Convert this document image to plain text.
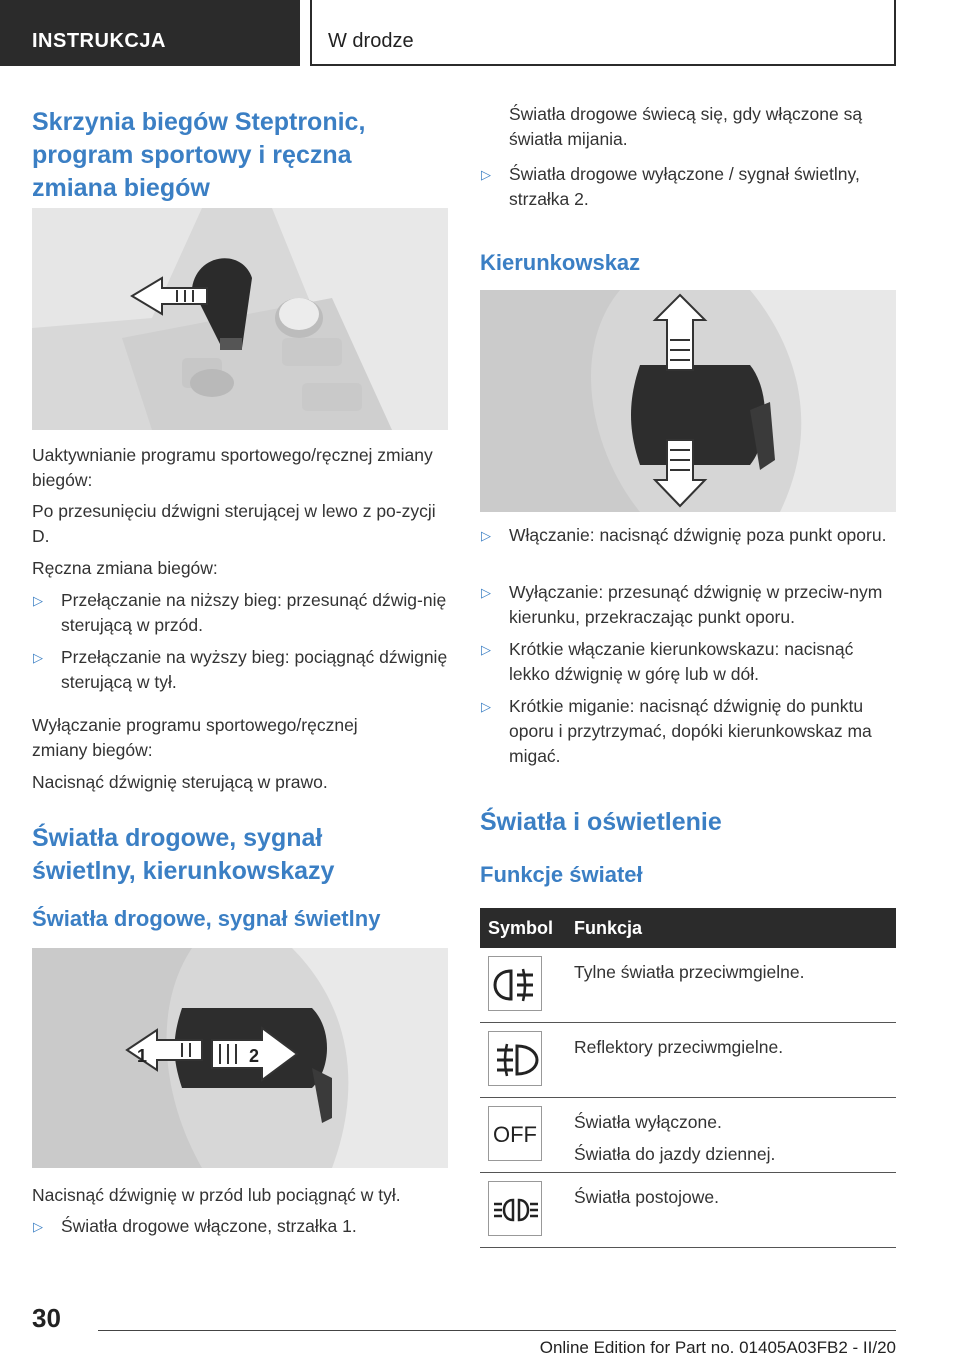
INSTRUKCJA	W drodze
Skrzynia biegów Steptronic, program sportowy i ręczna zmiana biegów

Uaktywnianie programu sportowego/ręcznej zmiany biegów:

Po przesunięciu dźwigni sterującej w lewo z po-zycji D.

Ręczna zmiana biegów:

▷ Przełączanie na niższy bieg: przesunąć dźwig-nię sterującą w przód.
▷ Przełączanie na wyższy bieg: pociągnąć dźwignię sterującą w tył.

Wyłączanie programu sportowego/ręcznej zmiany biegów:

Nacisnąć dźwignię sterującą w prawo.

Światła drogowe, sygnał świetlny, kierunkowskazy
Światła drogowe, sygnał świetlny

Nacisnąć dźwignię w przód lub pociągnąć w tył.

▷ Światła drogowe włączone, strzałka 1.
1	2

Światła drogowe świecą się, gdy włączone są światła mijania.

▷ Światła drogowe wyłączone / sygnał świetlny, strzałka 2.
Kierunkowskaz
▷ Włączanie: nacisnąć dźwignię poza punkt oporu.
▷ Wyłączanie: przesunąć dźwignię w przeciw-nym kierunku, przekraczając punkt oporu.
▷ Krótkie włączanie kierunkowskazu: nacisnąć lekko dźwignię w górę lub w dół.
▷ Krótkie miganie: nacisnąć dźwignię do punktu oporu i przytrzymać, dopóki kierunkowskaz ma migać.
Światła i oświetlenie
Funkcje świateł
Symbol Funkcja
Tylne światła przeciwmgielne.
Reflektory przeciwmgielne.
OFF Światła wyłączone.
Światła do jazdy dziennej.
Światła postojowe.
30
Online Edition for Part no. 01405A03FB2 - II/20
